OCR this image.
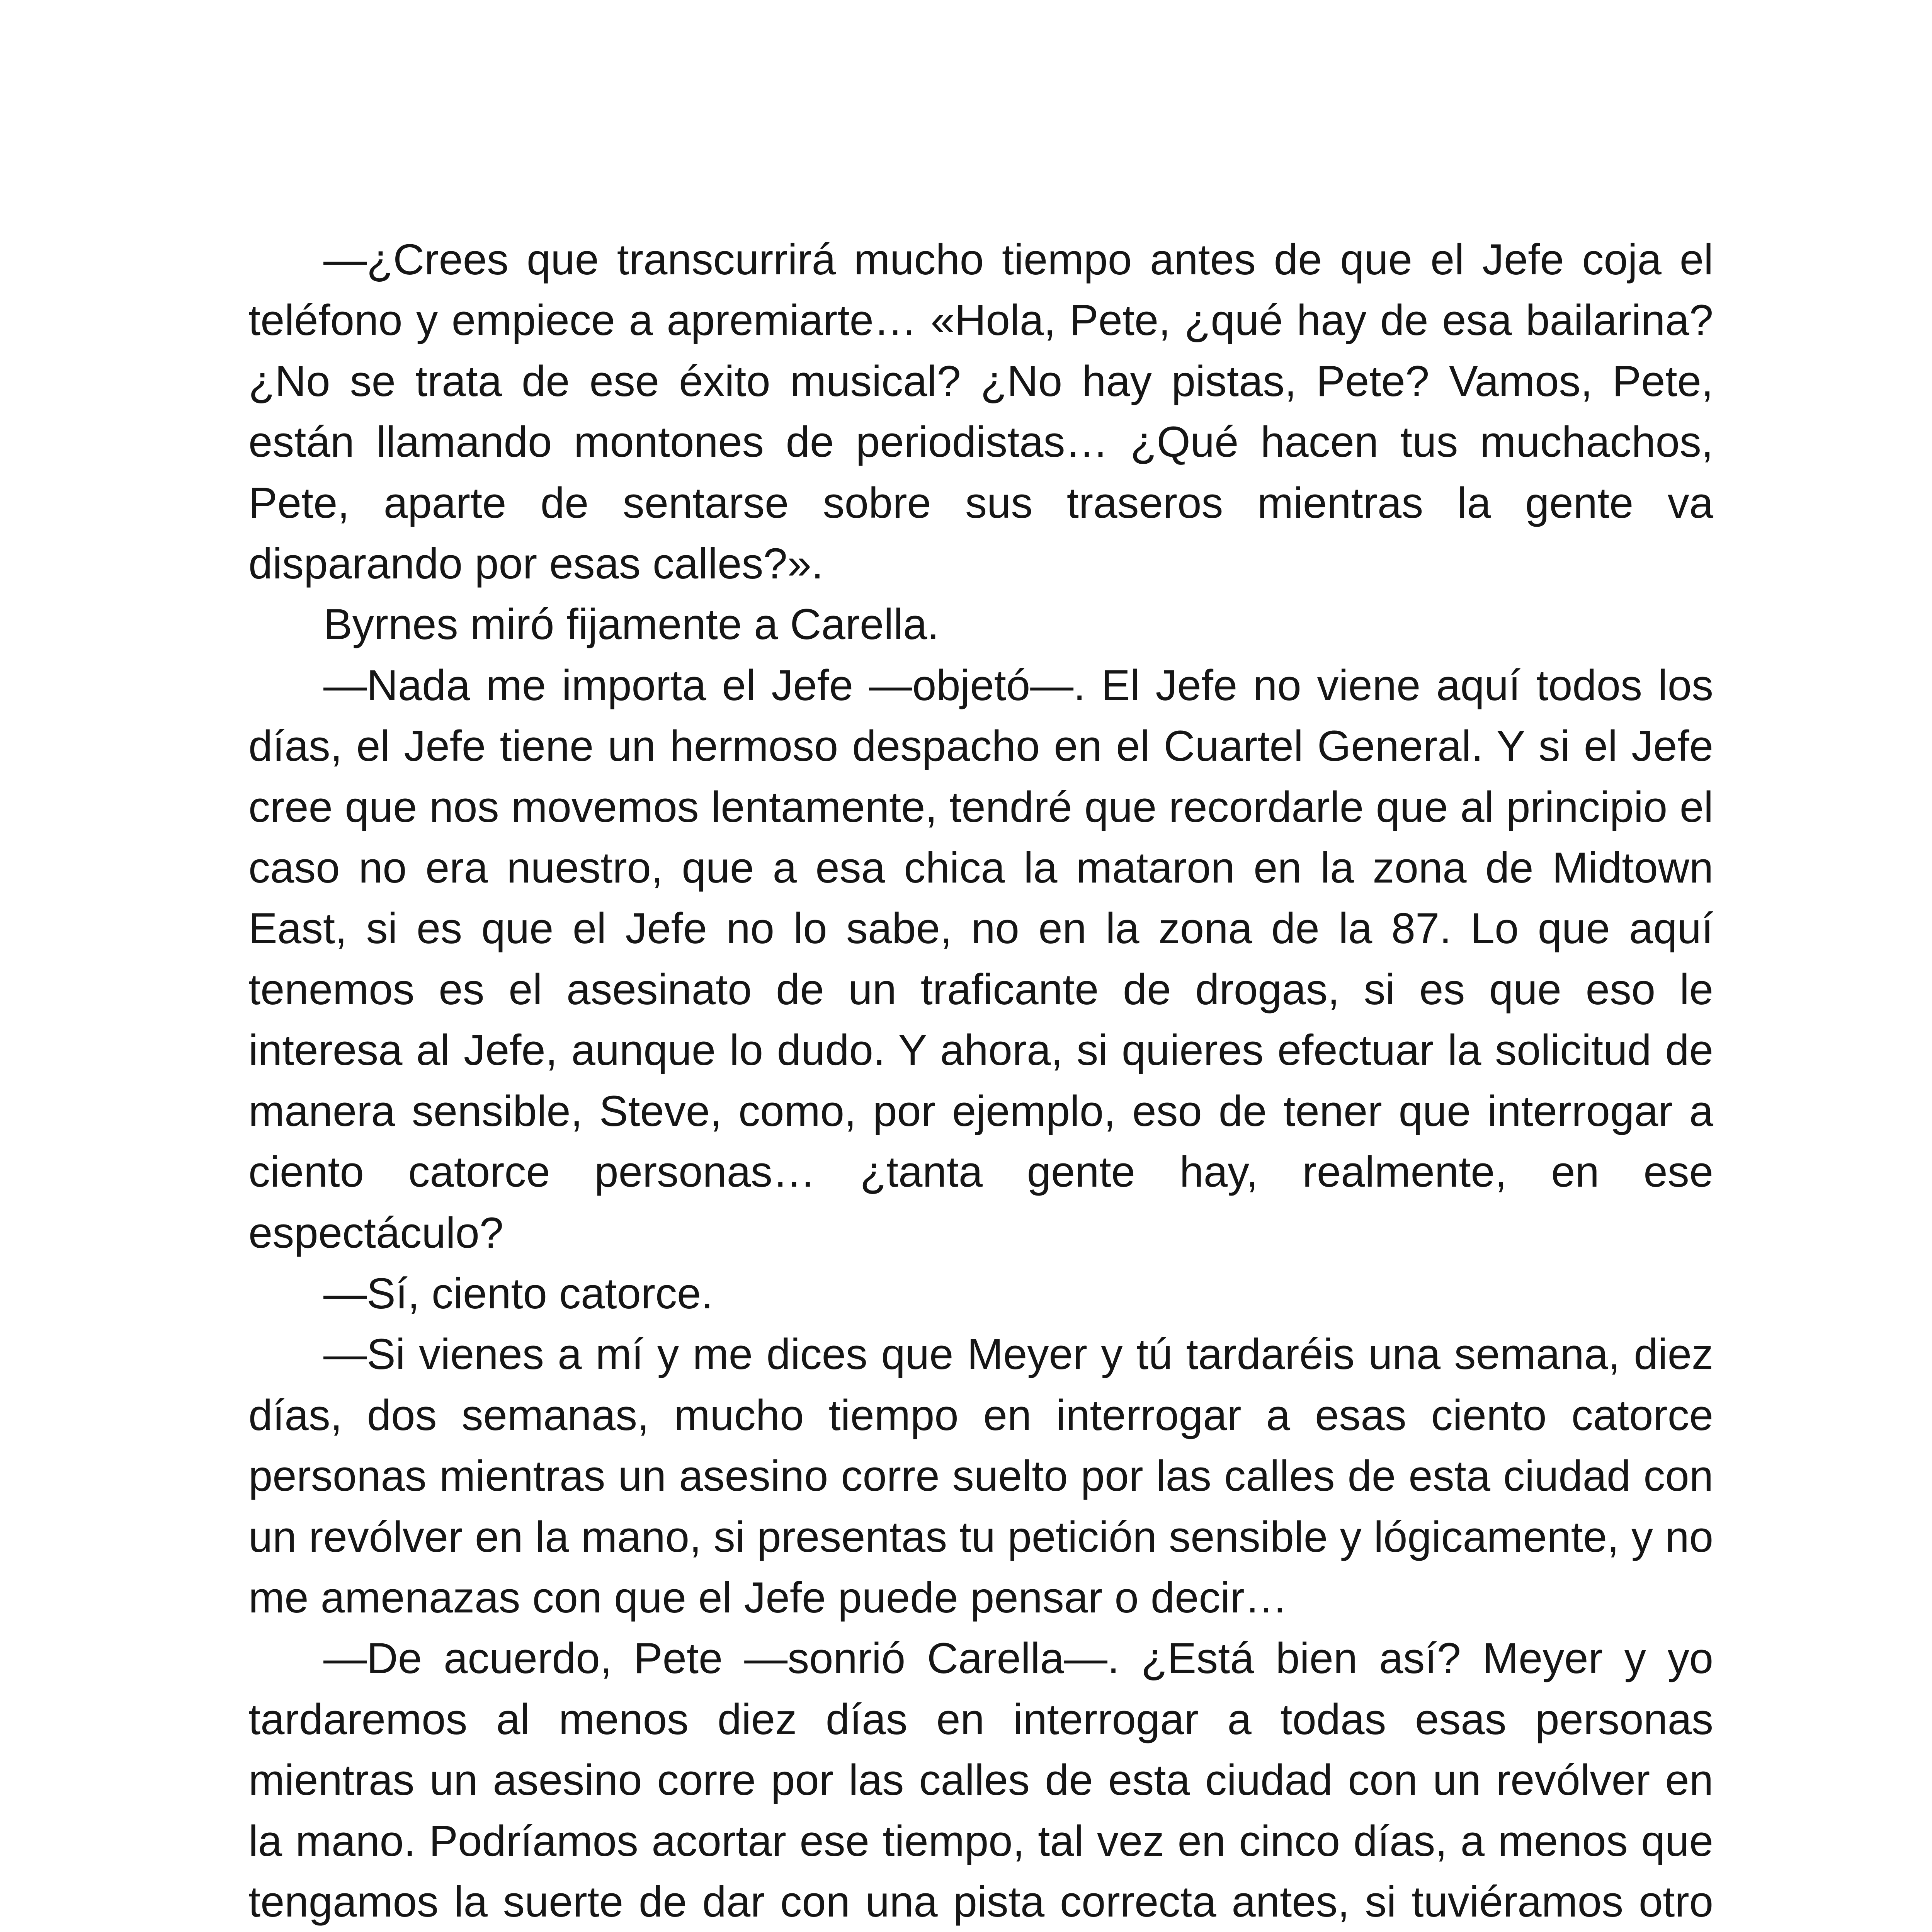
—¿Crees que transcurrirá mucho tiempo antes de que el Jefe coja el teléfono y empiece a apremiarte… «Hola, Pete, ¿qué hay de esa bailarina? ¿No se trata de ese éxito musical? ¿No hay pistas, Pete? Vamos, Pete, están llamando montones de periodistas… ¿Qué hacen tus muchachos, Pete, aparte de sentarse sobre sus traseros mientras la gente va disparando por esas calles?».

Byrnes miró fijamente a Carella.

—Nada me importa el Jefe —objetó—. El Jefe no viene aquí todos los días, el Jefe tiene un hermoso despacho en el Cuartel General. Y si el Jefe cree que nos movemos lentamente, tendré que recordarle que al principio el caso no era nuestro, que a esa chica la mataron en la zona de Midtown East, si es que el Jefe no lo sabe, no en la zona de la 87. Lo que aquí tenemos es el asesinato de un traficante de drogas, si es que eso le interesa al Jefe, aunque lo dudo. Y ahora, si quieres efectuar la solicitud de manera sensible, Steve, como, por ejemplo, eso de tener que interrogar a ciento catorce personas… ¿tanta gente hay, realmente, en ese espectáculo?

—Sí, ciento catorce.

—Si vienes a mí y me dices que Meyer y tú tardaréis una semana, diez días, dos semanas, mucho tiempo en interrogar a esas ciento catorce personas mientras un asesino corre suelto por las calles de esta ciudad con un revólver en la mano, si presentas tu petición sensible y lógicamente, y no me amenazas con que el Jefe puede pensar o decir…

—De acuerdo, Pete —sonrió Carella—. ¿Está bien así? Meyer y yo tardaremos al menos diez días en interrogar a todas esas personas mientras un asesino corre por las calles de esta ciudad con un revólver en la mano. Podríamos acortar ese tiempo, tal vez en cinco días, a menos que tengamos la suerte de dar con una pista correcta antes, si tuviéramos otro
